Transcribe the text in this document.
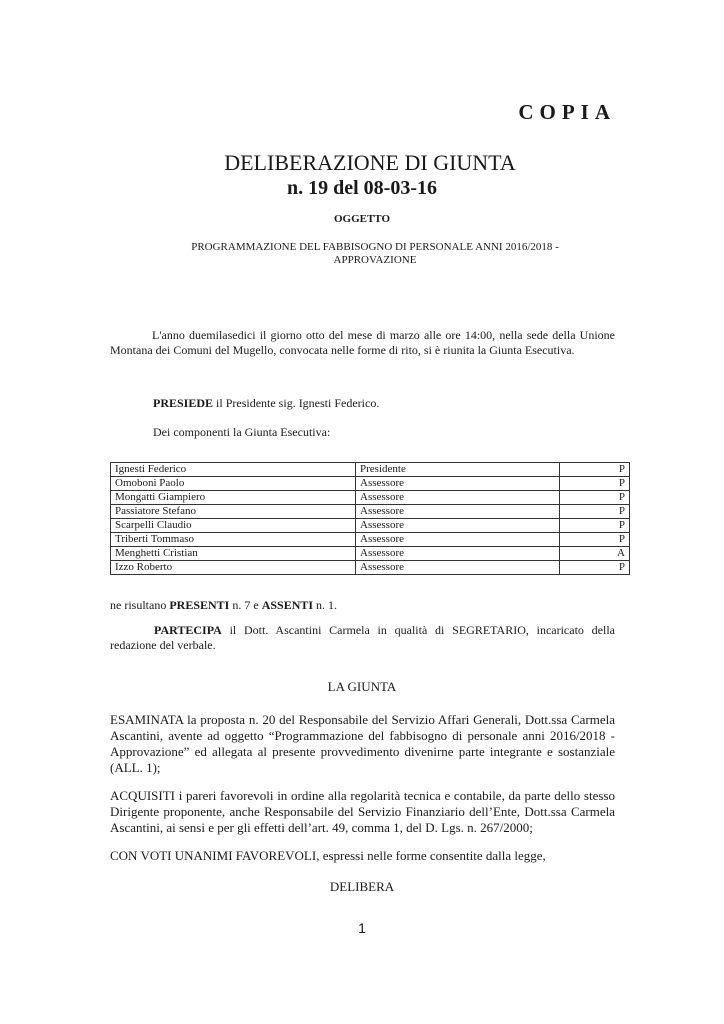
COPIA
DELIBERAZIONE DI GIUNTA
n. 19 del 08-03-16
OGGETTO
PROGRAMMAZIONE DEL FABBISOGNO DI PERSONALE ANNI 2016/2018 - APPROVAZIONE
L'anno duemilasedici il giorno otto del mese di marzo alle ore 14:00, nella sede della Unione Montana dei Comuni del Mugello, convocata nelle forme di rito, si è riunita la Giunta Esecutiva.
PRESIEDE il Presidente sig. Ignesti Federico.
Dei componenti la Giunta Esecutiva:
Ignesti Federico	Presidente	P
Omoboni Paolo	Assessore	P
Mongatti Giampiero	Assessore	P
Passiatore Stefano	Assessore	P
Scarpelli Claudio	Assessore	P
Triberti Tommaso	Assessore	P
Menghetti Cristian	Assessore	A
Izzo Roberto	Assessore	P
ne risultano PRESENTI n. 7 e ASSENTI n. 1.
PARTECIPA il Dott. Ascantini Carmela in qualità di SEGRETARIO, incaricato della redazione del verbale.
LA GIUNTA
ESAMINATA la proposta n. 20 del Responsabile del Servizio Affari Generali, Dott.ssa Carmela Ascantini, avente ad oggetto “Programmazione del fabbisogno di personale anni 2016/2018 - Approvazione” ed allegata al presente provvedimento divenirne parte integrante e sostanziale (ALL. 1);
ACQUISITI i pareri favorevoli in ordine alla regolarità tecnica e contabile, da parte dello stesso Dirigente proponente, anche Responsabile del Servizio Finanziario dell’Ente, Dott.ssa Carmela Ascantini, ai sensi e per gli effetti dell’art. 49, comma 1, del D. Lgs. n. 267/2000;
CON VOTI UNANIMI FAVOREVOLI, espressi nelle forme consentite dalla legge,
DELIBERA
1
